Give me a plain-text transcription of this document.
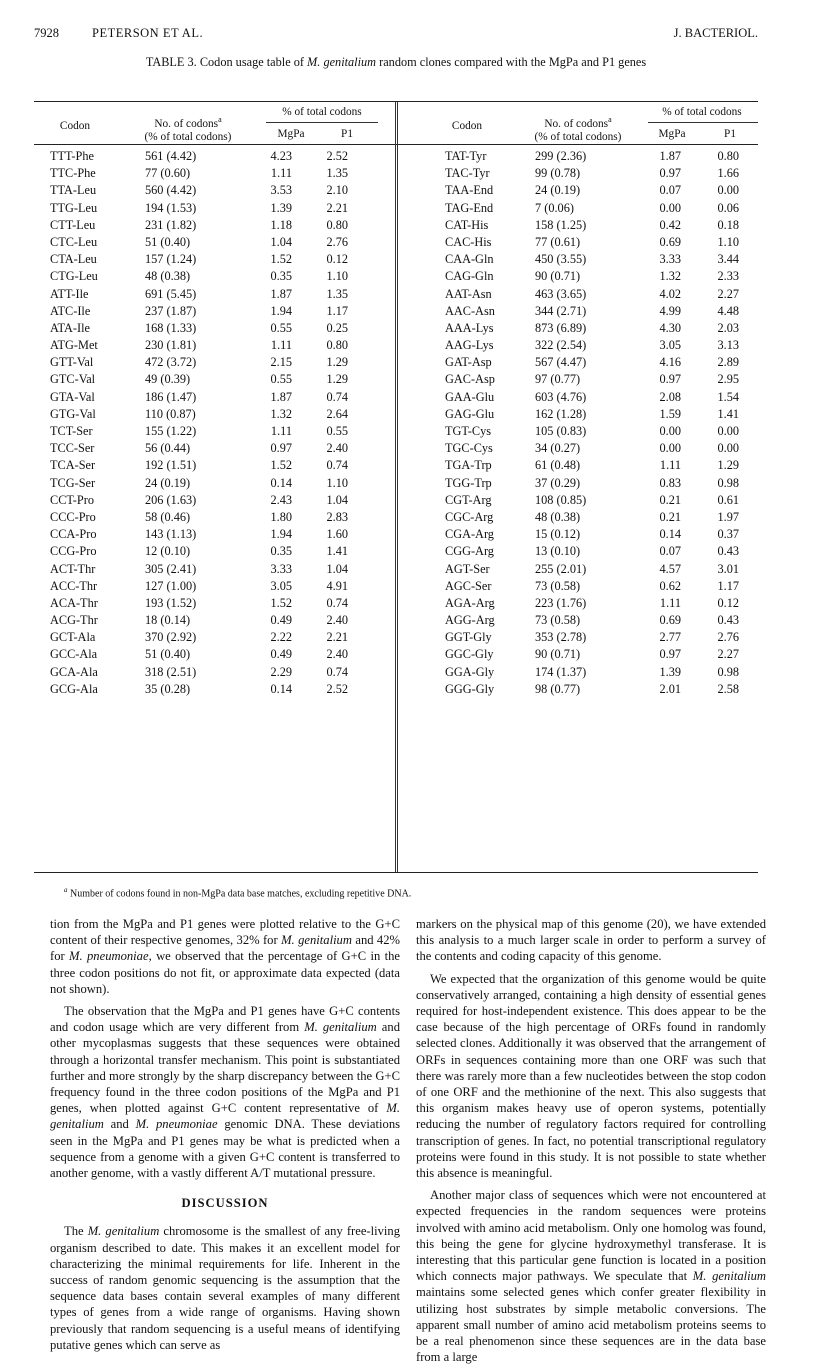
7928	PETERSON ET AL.	J. BACTERIOL.
TABLE 3. Codon usage table of M. genitalium random clones compared with the MgPa and P1 genes
Codon	No. of codons$^a$
(% of total codons)
% of total codons
MgPa	P1
Codon	No. of codons$^a$
(% of total codons)
% of total codons
MgPa	P1
TTT-Phe	561 (4.42)	4.23	2.52
TTC-Phe	77 (0.60)	1.11	1.35
TTA-Leu	560 (4.42)	3.53	2.10
TTG-Leu	194 (1.53)	1.39	2.21
CTT-Leu	231 (1.82)	1.18	0.80
CTC-Leu	51 (0.40)	1.04	2.76
CTA-Leu	157 (1.24)	1.52	0.12
CTG-Leu	48 (0.38)	0.35	1.10
ATT-Ile	691 (5.45)	1.87	1.35
ATC-Ile	237 (1.87)	1.94	1.17
ATA-Ile	168 (1.33)	0.55	0.25
ATG-Met	230 (1.81)	1.11	0.80
GTT-Val	472 (3.72)	2.15	1.29
GTC-Val	49 (0.39)	0.55	1.29
GTA-Val	186 (1.47)	1.87	0.74
GTG-Val	110 (0.87)	1.32	2.64
TCT-Ser	155 (1.22)	1.11	0.55
TCC-Ser	56 (0.44)	0.97	2.40
TCA-Ser	192 (1.51)	1.52	0.74
TCG-Ser	24 (0.19)	0.14	1.10
CCT-Pro	206 (1.63)	2.43	1.04
CCC-Pro	58 (0.46)	1.80	2.83
CCA-Pro	143 (1.13)	1.94	1.60
CCG-Pro	12 (0.10)	0.35	1.41
ACT-Thr	305 (2.41)	3.33	1.04
ACC-Thr	127 (1.00)	3.05	4.91
ACA-Thr	193 (1.52)	1.52	0.74
ACG-Thr	18 (0.14)	0.49	2.40
GCT-Ala	370 (2.92)	2.22	2.21
GCC-Ala	51 (0.40)	0.49	2.40
GCA-Ala	318 (2.51)	2.29	0.74
GCG-Ala	35 (0.28)	0.14	2.52
TAT-Tyr	299 (2.36)	1.87	0.80
TAC-Tyr	99 (0.78)	0.97	1.66
TAA-End	24 (0.19)	0.07	0.00
TAG-End	7 (0.06)	0.00	0.06
CAT-His	158 (1.25)	0.42	0.18
CAC-His	77 (0.61)	0.69	1.10
CAA-Gln	450 (3.55)	3.33	3.44
CAG-Gln	90 (0.71)	1.32	2.33
AAT-Asn	463 (3.65)	4.02	2.27
AAC-Asn	344 (2.71)	4.99	4.48
AAA-Lys	873 (6.89)	4.30	2.03
AAG-Lys	322 (2.54)	3.05	3.13
GAT-Asp	567 (4.47)	4.16	2.89
GAC-Asp	97 (0.77)	0.97	2.95
GAA-Glu	603 (4.76)	2.08	1.54
GAG-Glu	162 (1.28)	1.59	1.41
TGT-Cys	105 (0.83)	0.00	0.00
TGC-Cys	34 (0.27)	0.00	0.00
TGA-Trp	61 (0.48)	1.11	1.29
TGG-Trp	37 (0.29)	0.83	0.98
CGT-Arg	108 (0.85)	0.21	0.61
CGC-Arg	48 (0.38)	0.21	1.97
CGA-Arg	15 (0.12)	0.14	0.37
CGG-Arg	13 (0.10)	0.07	0.43
AGT-Ser	255 (2.01)	4.57	3.01
AGC-Ser	73 (0.58)	0.62	1.17
AGA-Arg	223 (1.76)	1.11	0.12
AGG-Arg	73 (0.58)	0.69	0.43
GGT-Gly	353 (2.78)	2.77	2.76
GGC-Gly	90 (0.71)	0.97	2.27
GGA-Gly	174 (1.37)	1.39	0.98
GGG-Gly	98 (0.77)	2.01	2.58
$^a$ Number of codons found in non-MgPa data base matches, excluding repetitive DNA.

tion from the MgPa and P1 genes were plotted relative to the G+C content of their respective genomes, 32% for M. genitalium and 42% for M. pneumoniae, we observed that the percentage of G+C in the three codon positions do not fit, or approximate data expected (data not shown).

The observation that the MgPa and P1 genes have G+C contents and codon usage which are very different from M. genitalium and other mycoplasmas suggests that these sequences were obtained through a horizontal transfer mechanism. This point is substantiated further and more strongly by the sharp discrepancy between the G+C frequency found in the three codon positions of the MgPa and P1 genes, when plotted against G+C content representative of M. genitalium and M. pneumoniae genomic DNA. These deviations seen in the MgPa and P1 genes may be what is predicted when a sequence from a genome with a given G+C content is transferred to another genome, with a vastly different A/T mutational pressure.

DISCUSSION

The M. genitalium chromosome is the smallest of any free-living organism described to date. This makes it an excellent model for characterizing the minimal requirements for life. Inherent in the success of random genomic sequencing is the assumption that the sequence data bases contain several examples of many different types of genes from a wide range of organisms. Having shown previously that random sequencing is a useful means of identifying putative genes which can serve as

markers on the physical map of this genome (20), we have extended this analysis to a much larger scale in order to perform a survey of the contents and coding capacity of this genome.

We expected that the organization of this genome would be quite conservatively arranged, containing a high density of essential genes required for host-independent existence. This does appear to be the case because of the high percentage of ORFs found in randomly selected clones. Additionally it was observed that the arrangement of ORFs in sequences containing more than one ORF was such that there was rarely more than a few nucleotides between the stop codon of one ORF and the methionine of the next. This also suggests that this organism makes heavy use of operon systems, potentially reducing the number of regulatory factors required for controlling transcription of genes. In fact, no potential transcriptional regulatory proteins were found in this study. It is not possible to state whether this absence is meaningful.

Another major class of sequences which were not encountered at expected frequencies in the random sequences were proteins involved with amino acid metabolism. Only one homolog was found, this being the gene for glycine hydroxymethyl transferase. It is interesting that this particular gene function is located in a position which connects major pathways. We speculate that M. genitalium maintains some selected genes which confer greater flexibility in utilizing host substrates by simple metabolic conversions. The apparent small number of amino acid metabolism proteins seems to be a real phenomenon since these sequences are in the data base from a large
